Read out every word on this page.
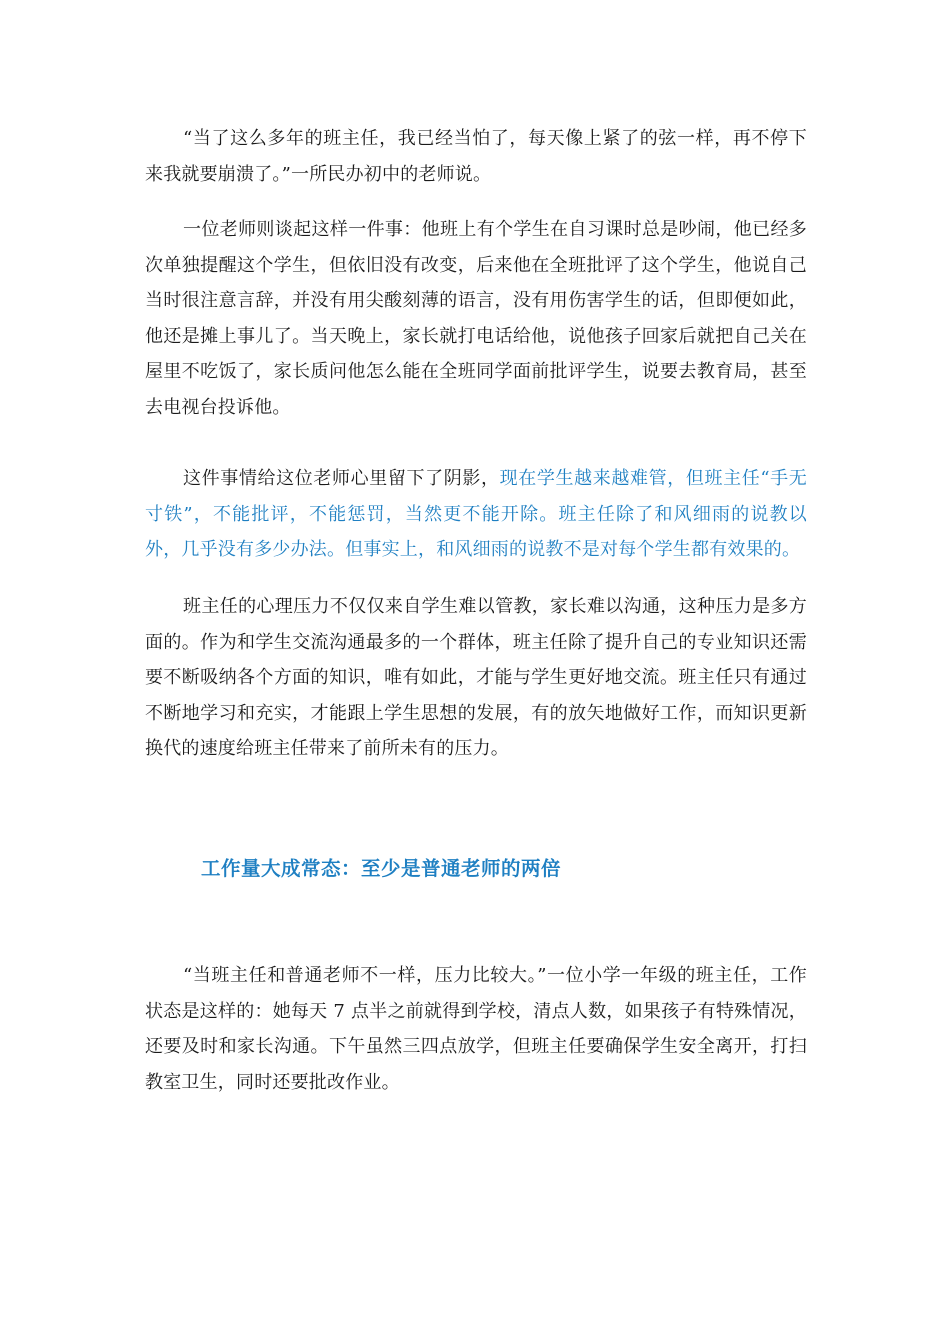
“当了这么多年的班主任，我已经当怕了，每天像上紧了的弦一样，再不停下来我就要崩溃了。”一所民办初中的老师说。

一位老师则谈起这样一件事：他班上有个学生在自习课时总是吵闹，他已经多次单独提醒这个学生，但依旧没有改变，后来他在全班批评了这个学生，他说自己当时很注意言辞，并没有用尖酸刻薄的语言，没有用伤害学生的话，但即便如此，他还是摊上事儿了。当天晚上，家长就打电话给他，说他孩子回家后就把自己关在屋里不吃饭了，家长质问他怎么能在全班同学面前批评学生，说要去教育局，甚至去电视台投诉他。

这件事情给这位老师心里留下了阴影，现在学生越来越难管，但班主任“手无寸铁”，不能批评，不能惩罚，当然更不能开除。班主任除了和风细雨的说教以外，几乎没有多少办法。但事实上，和风细雨的说教不是对每个学生都有效果的。

班主任的心理压力不仅仅来自学生难以管教，家长难以沟通，这种压力是多方面的。作为和学生交流沟通最多的一个群体，班主任除了提升自己的专业知识还需要不断吸纳各个方面的知识，唯有如此，才能与学生更好地交流。班主任只有通过不断地学习和充实，才能跟上学生思想的发展，有的放矢地做好工作，而知识更新换代的速度给班主任带来了前所未有的压力。

工作量大成常态：至少是普通老师的两倍

“当班主任和普通老师不一样，压力比较大。”一位小学一年级的班主任，工作状态是这样的：她每天 7 点半之前就得到学校，清点人数，如果孩子有特殊情况，还要及时和家长沟通。下午虽然三四点放学，但班主任要确保学生安全离开，打扫教室卫生，同时还要批改作业。
